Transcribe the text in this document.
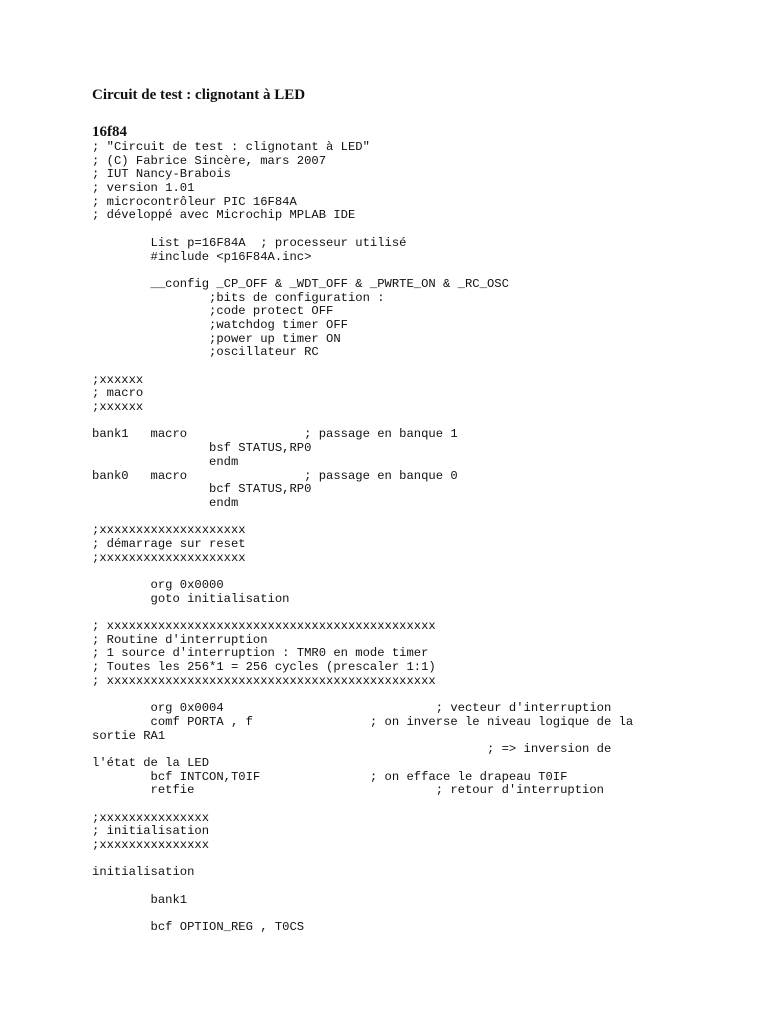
Circuit de test : clignotant à LED
16f84
; "Circuit de test : clignotant à LED"
; (C) Fabrice Sincère, mars 2007
; IUT Nancy-Brabois
; version 1.01
; microcontrôleur PIC 16F84A
; développé avec Microchip MPLAB IDE

List p=16F84A  ; processeur utilisé
#include <p16F84A.inc>

__config _CP_OFF & _WDT_OFF & _PWRTE_ON & _RC_OSC
;bits de configuration :
;code protect OFF
;watchdog timer OFF
;power up timer ON
;oscillateur RC

;xxxxxx
; macro
;xxxxxx

bank1   macro                ; passage en banque 1
bsf STATUS,RP0
endm
bank0   macro                ; passage en banque 0
bcf STATUS,RP0
endm

;xxxxxxxxxxxxxxxxxxxx
; démarrage sur reset
;xxxxxxxxxxxxxxxxxxxx

org 0x0000
goto initialisation

; xxxxxxxxxxxxxxxxxxxxxxxxxxxxxxxxxxxxxxxxxxxxx
; Routine d'interruption
; 1 source d'interruption : TMR0 en mode timer
; Toutes les 256*1 = 256 cycles (prescaler 1:1)
; xxxxxxxxxxxxxxxxxxxxxxxxxxxxxxxxxxxxxxxxxxxxx

org 0x0004                             ; vecteur d'interruption
comf PORTA , f                ; on inverse le niveau logique de la
sortie RA1
; => inversion de
l'état de la LED
bcf INTCON,T0IF               ; on efface le drapeau T0IF
retfie                                 ; retour d'interruption

;xxxxxxxxxxxxxxx
; initialisation
;xxxxxxxxxxxxxxx

initialisation

bank1

bcf OPTION_REG , T0CS
